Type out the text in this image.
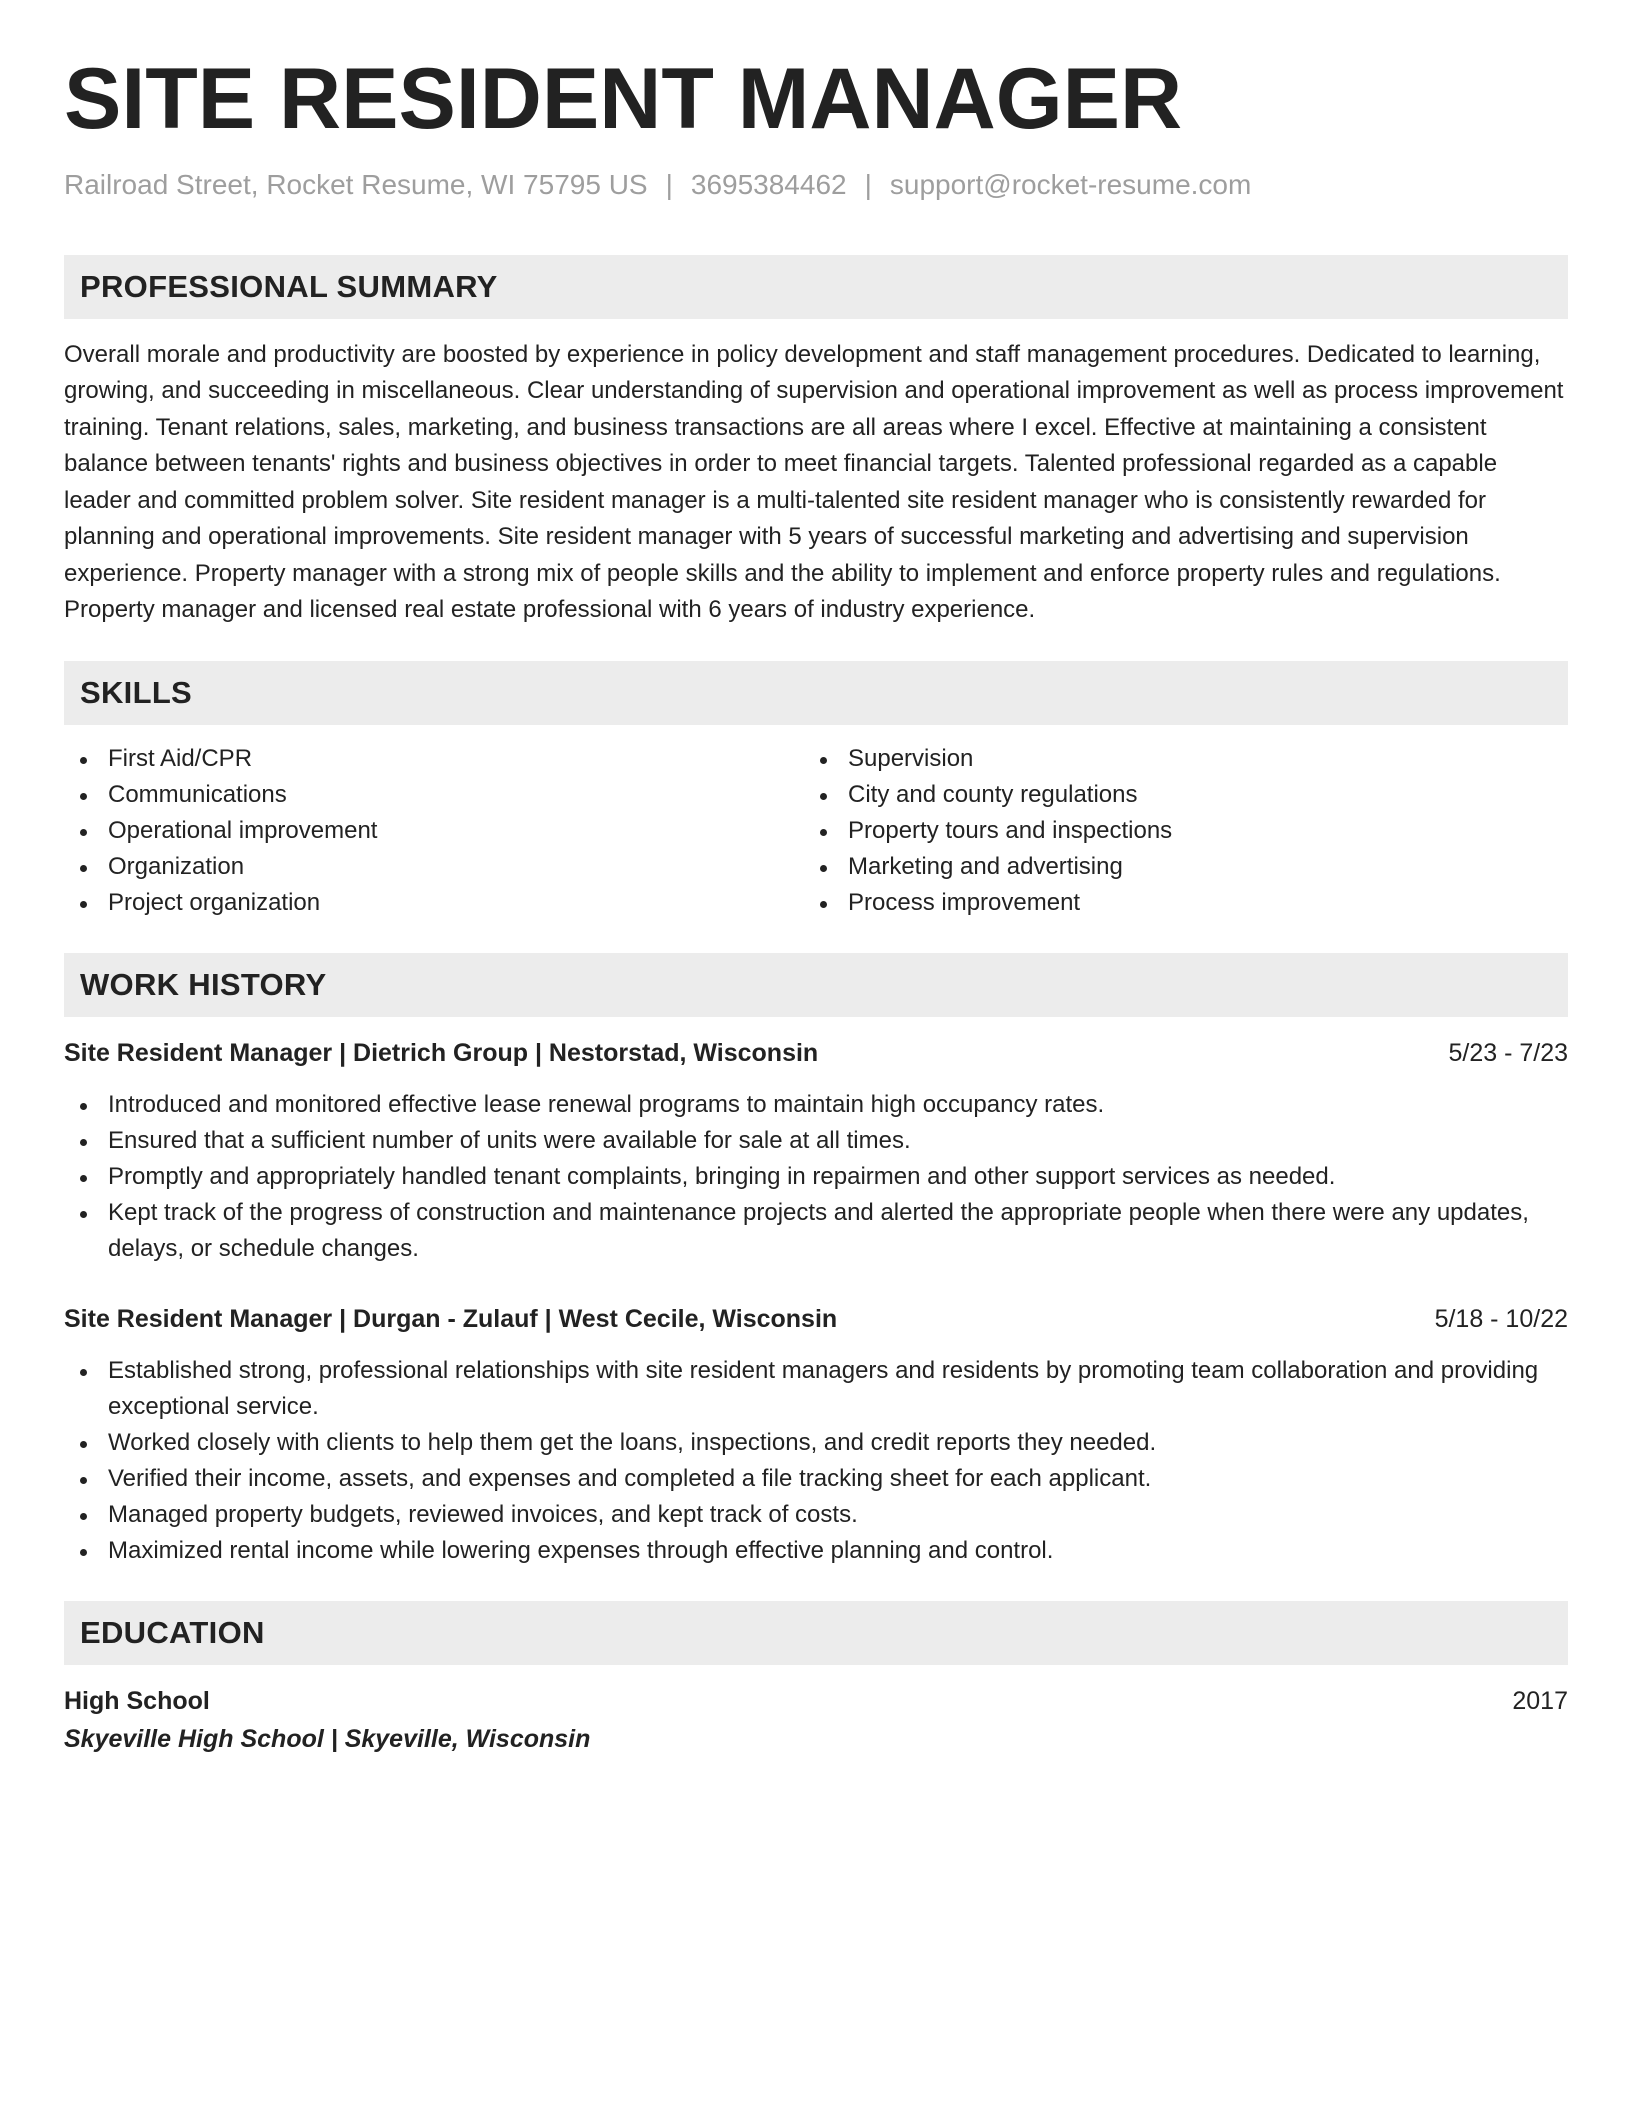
SITE RESIDENT MANAGER
Railroad Street, Rocket Resume, WI 75795 US | 3695384462 | support@rocket-resume.com
PROFESSIONAL SUMMARY

Overall morale and productivity are boosted by experience in policy development and staff management procedures. Dedicated to learning, growing, and succeeding in miscellaneous. Clear understanding of supervision and operational improvement as well as process improvement training. Tenant relations, sales, marketing, and business transactions are all areas where I excel. Effective at maintaining a consistent balance between tenants' rights and business objectives in order to meet financial targets. Talented professional regarded as a capable leader and committed problem solver. Site resident manager is a multi-talented site resident manager who is consistently rewarded for planning and operational improvements. Site resident manager with 5 years of successful marketing and advertising and supervision experience. Property manager with a strong mix of people skills and the ability to implement and enforce property rules and regulations. Property manager and licensed real estate professional with 6 years of industry experience.

SKILLS
First Aid/CPR
Communications
Operational improvement
Organization
Project organization
Supervision
City and county regulations
Property tours and inspections
Marketing and advertising
Process improvement
WORK HISTORY
Site Resident Manager | Dietrich Group | Nestorstad, Wisconsin	5/23 - 7/23
Introduced and monitored effective lease renewal programs to maintain high occupancy rates.
Ensured that a sufficient number of units were available for sale at all times.
Promptly and appropriately handled tenant complaints, bringing in repairmen and other support services as needed.
Kept track of the progress of construction and maintenance projects and alerted the appropriate people when there were any updates, delays, or schedule changes.
Site Resident Manager | Durgan - Zulauf | West Cecile, Wisconsin	5/18 - 10/22
Established strong, professional relationships with site resident managers and residents by promoting team collaboration and providing exceptional service.
Worked closely with clients to help them get the loans, inspections, and credit reports they needed.
Verified their income, assets, and expenses and completed a file tracking sheet for each applicant.
Managed property budgets, reviewed invoices, and kept track of costs.
Maximized rental income while lowering expenses through effective planning and control.
EDUCATION
High School	2017
Skyeville High School | Skyeville, Wisconsin
